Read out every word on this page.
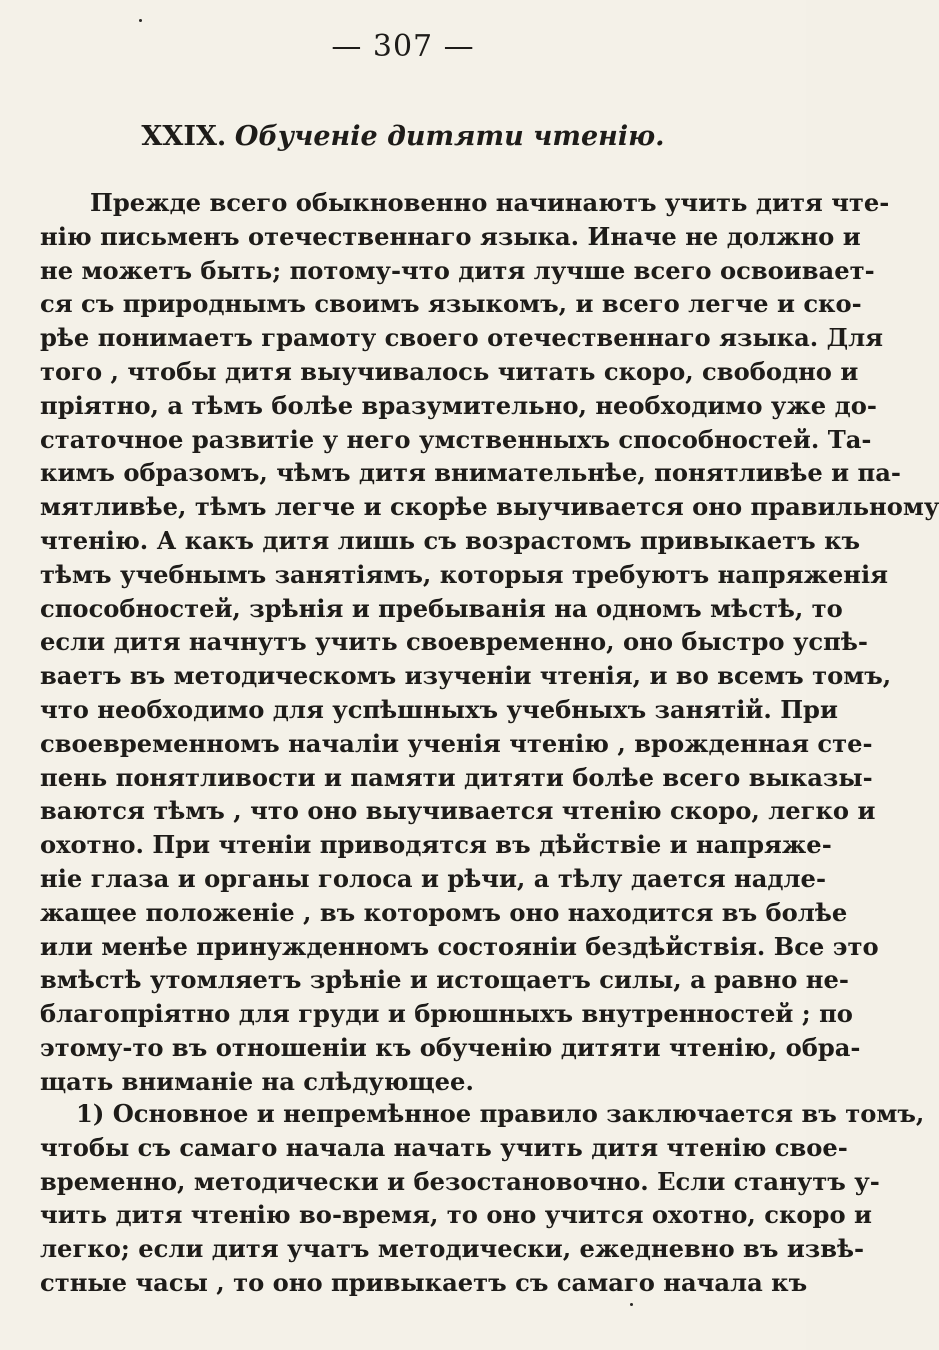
— 307 —
XXIX. Обученіе дитяти чтенію.

Прежде всего обыкновенно начинаютъ учить дитя чте-
нію письменъ отечественнаго языка. Иначе не должно и
не можетъ быть; потому-что дитя лучше всего освоивает-
ся съ природнымъ своимъ языкомъ, и всего легче и ско-
рѣе понимаетъ грамоту своего отечественнаго языка. Для
того , чтобы дитя выучивалось читать скоро, свободно и
пріятно, а тѣмъ болѣе вразумительно, необходимо уже до-
статочное развитіе у него умственныхъ способностей. Та-
кимъ образомъ, чѣмъ дитя внимательнѣе, понятливѣе и па-
мятливѣе, тѣмъ легче и скорѣе выучивается оно правильному
чтенію. А какъ дитя лишь съ возрастомъ привыкаетъ къ
тѣмъ учебнымъ занятіямъ, которыя требуютъ напряженія
способностей, зрѣнія и пребыванія на одномъ мѣстѣ, то
если дитя начнутъ учить своевременно, оно быстро успѣ-
ваетъ въ методическомъ изученіи чтенія, и во всемъ томъ,
что необходимо для успѣшныхъ учебныхъ занятій. При
своевременномъ началіи ученія чтенію , врожденная сте-
пень понятливости и памяти дитяти болѣе всего выказы-
ваются тѣмъ , что оно выучивается чтенію скоро, легко и
охотно. При чтеніи приводятся въ дѣйствіе и напряже-
ніе глаза и органы голоса и рѣчи, а тѣлу дается надле-
жащее положеніе , въ которомъ оно находится въ болѣе
или менѣе принужденномъ состояніи бездѣйствія. Все это
вмѣстѣ утомляетъ зрѣніе и истощаетъ силы, а равно не-
благопріятно для груди и брюшныхъ внутренностей ; по
этому-то въ отношеніи къ обученію дитяти чтенію, обра-
щать вниманіе на слѣдующее.

1) Основное и непремѣнное правило заключается въ томъ,
чтобы съ самаго начала начать учить дитя чтенію свое-
временно, методически и безостановочно. Если станутъ у-
чить дитя чтенію во-время, то оно учится охотно, скоро и
легко; если дитя учатъ методически, ежедневно въ извѣ-
стные часы , то оно привыкаетъ съ самаго начала къ
